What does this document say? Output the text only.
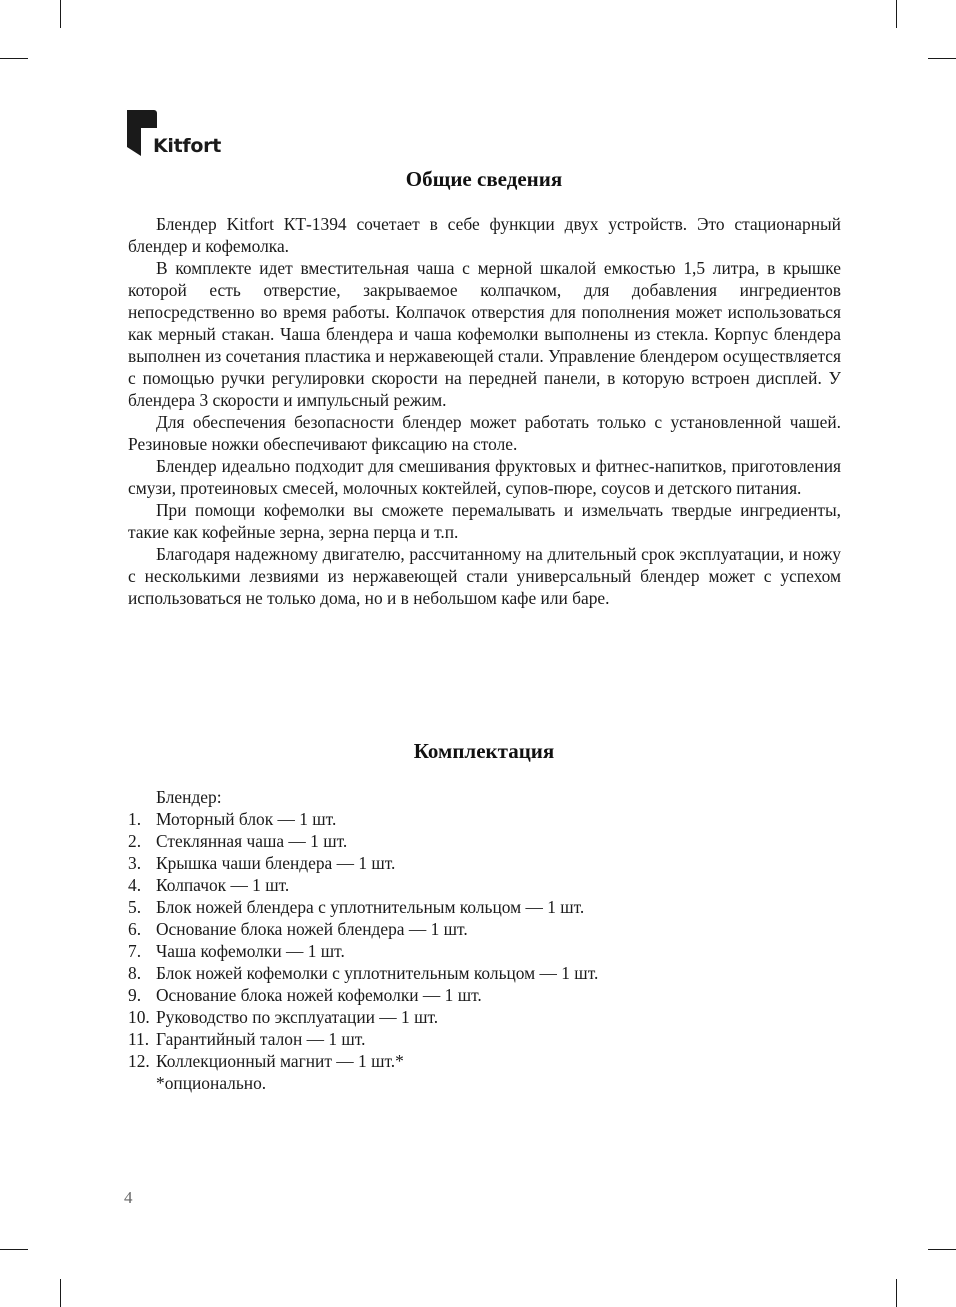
Kitfort
Общие сведения

Блендер Kitfort КТ-1394 сочетает в себе функции двух устройств. Это стационарный блендер и кофемолка.

В комплекте идет вместительная чаша с мерной шкалой емкостью 1,5 литра, в крышке которой есть отверстие, закрываемое колпачком, для добавления ингредиентов непосредственно во время работы. Колпачок отверстия для пополнения может использоваться как мерный стакан. Чаша блендера и чаша кофемолки выполнены из стекла. Корпус блендера выполнен из сочетания пластика и нержавеющей стали. Управление блендером осуществляется с помощью ручки регулировки скорости на передней панели, в которую встроен дисплей. У блендера 3 скорости и импульсный режим.

Для обеспечения безопасности блендер может работать только с установленной чашей. Резиновые ножки обеспечивают фиксацию на столе.

Блендер идеально подходит для смешивания фруктовых и фитнес-напитков, приготовления смузи, протеиновых смесей, молочных коктейлей, супов-пюре, соусов и детского питания.

При помощи кофемолки вы сможете перемалывать и измельчать твердые ингредиенты, такие как кофейные зерна, зерна перца и т.п.

Благодаря надежному двигателю, рассчитанному на длительный срок эксплуатации, и ножу с несколькими лезвиями из нержавеющей стали универсальный блендер может с успехом использоваться не только дома, но и в небольшом кафе или баре.

Комплектация
Блендер:
1. Моторный блок — 1 шт.
2. Стеклянная чаша — 1 шт.
3. Крышка чаши блендера — 1 шт.
4. Колпачок — 1 шт.
5. Блок ножей блендера с уплотнительным кольцом — 1 шт.
6. Основание блока ножей блендера — 1 шт.
7. Чаша кофемолки — 1 шт.
8. Блок ножей кофемолки с уплотнительным кольцом — 1 шт.
9. Основание блока ножей кофемолки — 1 шт.
10. Руководство по эксплуатации — 1 шт.
11. Гарантийный талон — 1 шт.
12. Коллекционный магнит — 1 шт.*
*опционально.
4
